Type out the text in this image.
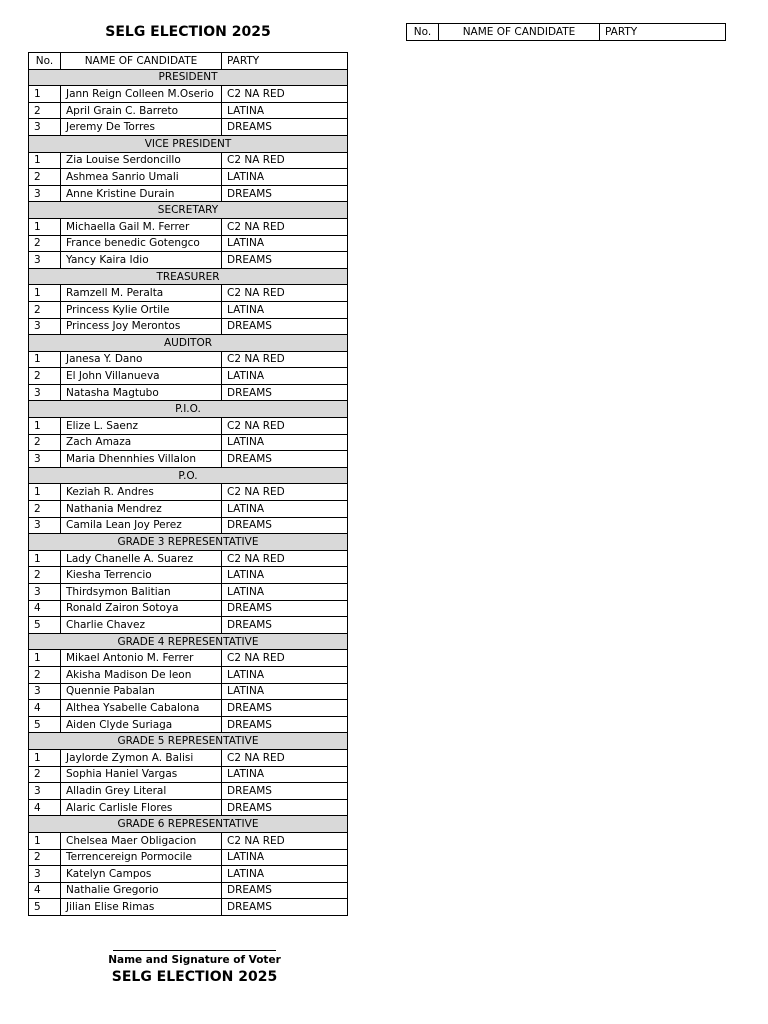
SELG ELECTION 2025
No.	NAME OF CANDIDATE	PARTY
PRESIDENT		
1	Jann Reign Colleen M.Oserio	C2 NA RED
2	April Grain C. Barreto	LATINA
3	Jeremy De Torres	DREAMS
VICE PRESIDENT		
1	Zia Louise Serdoncillo	C2 NA RED
2	Ashmea Sanrio Umali	LATINA
3	Anne Kristine Durain	DREAMS
SECRETARY		
1	Michaella Gail M. Ferrer	C2 NA RED
2	France benedic Gotengco	LATINA
3	Yancy Kaira Idio	DREAMS
TREASURER		
1	Ramzell M. Peralta	C2 NA RED
2	Princess Kylie Ortile	LATINA
3	Princess Joy Merontos	DREAMS
AUDITOR		
1	Janesa Y. Dano	C2 NA RED
2	El John Villanueva	LATINA
3	Natasha Magtubo	DREAMS
P.I.O.		
1	Elize L. Saenz	C2 NA RED
2	Zach Amaza	LATINA
3	Maria Dhennhies Villalon	DREAMS
P.O.		
1	Keziah R. Andres	C2 NA RED
2	Nathania Mendrez	LATINA
3	Camila Lean Joy Perez	DREAMS
GRADE 3 REPRESENTATIVE		
1	Lady Chanelle A. Suarez	C2 NA RED
2	Kiesha Terrencio	LATINA
3	Thirdsymon Balitian	LATINA
4	Ronald Zairon Sotoya	DREAMS
5	Charlie Chavez	DREAMS
GRADE 4 REPRESENTATIVE		
1	Mikael Antonio M. Ferrer	C2 NA RED
2	Akisha Madison De leon	LATINA
3	Quennie Pabalan	LATINA
4	Althea Ysabelle Cabalona	DREAMS
5	Aiden Clyde Suriaga	DREAMS
GRADE 5 REPRESENTATIVE		
1	Jaylorde Zymon A. Balisi	C2 NA RED
2	Sophia Haniel Vargas	LATINA
3	Alladin Grey Literal	DREAMS
4	Alaric Carlisle Flores	DREAMS
GRADE 6 REPRESENTATIVE		
1	Chelsea Maer Obligacion	C2 NA RED
2	Terrencereign Pormocile	LATINA
3	Katelyn Campos	LATINA
4	Nathalie Gregorio	DREAMS
5	Jilian Elise Rimas	DREAMS
No.	NAME OF CANDIDATE	PARTY
Name and Signature of Voter
SELG ELECTION 2025
